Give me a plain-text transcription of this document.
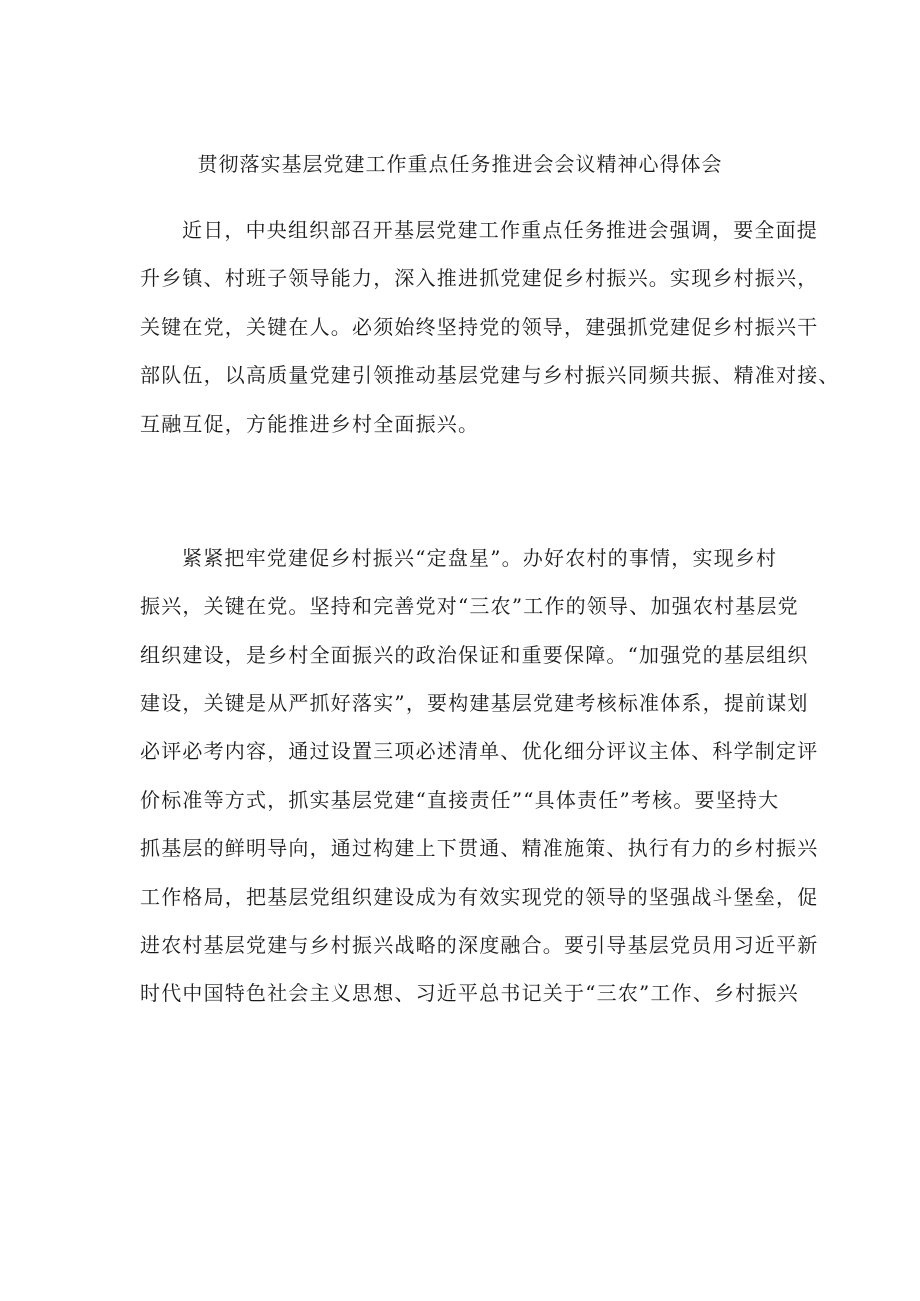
贯彻落实基层党建工作重点任务推进会会议精神心得体会
近日，中央组织部召开基层党建工作重点任务推进会强调，要全面提
升乡镇、村班子领导能力，深入推进抓党建促乡村振兴。实现乡村振兴，
关键在党，关键在人。必须始终坚持党的领导，建强抓党建促乡村振兴干
部队伍，以高质量党建引领推动基层党建与乡村振兴同频共振、精准对接、
互融互促，方能推进乡村全面振兴。
紧紧把牢党建促乡村振兴“定盘星”。办好农村的事情，实现乡村
振兴，关键在党。坚持和完善党对“三农”工作的领导、加强农村基层党
组织建设，是乡村全面振兴的政治保证和重要保障。“加强党的基层组织
建设，关键是从严抓好落实”，要构建基层党建考核标准体系，提前谋划
必评必考内容，通过设置三项必述清单、优化细分评议主体、科学制定评
价标准等方式，抓实基层党建“直接责任”“具体责任”考核。要坚持大
抓基层的鲜明导向，通过构建上下贯通、精准施策、执行有力的乡村振兴
工作格局，把基层党组织建设成为有效实现党的领导的坚强战斗堡垒，促
进农村基层党建与乡村振兴战略的深度融合。要引导基层党员用习近平新
时代中国特色社会主义思想、习近平总书记关于“三农”工作、乡村振兴
